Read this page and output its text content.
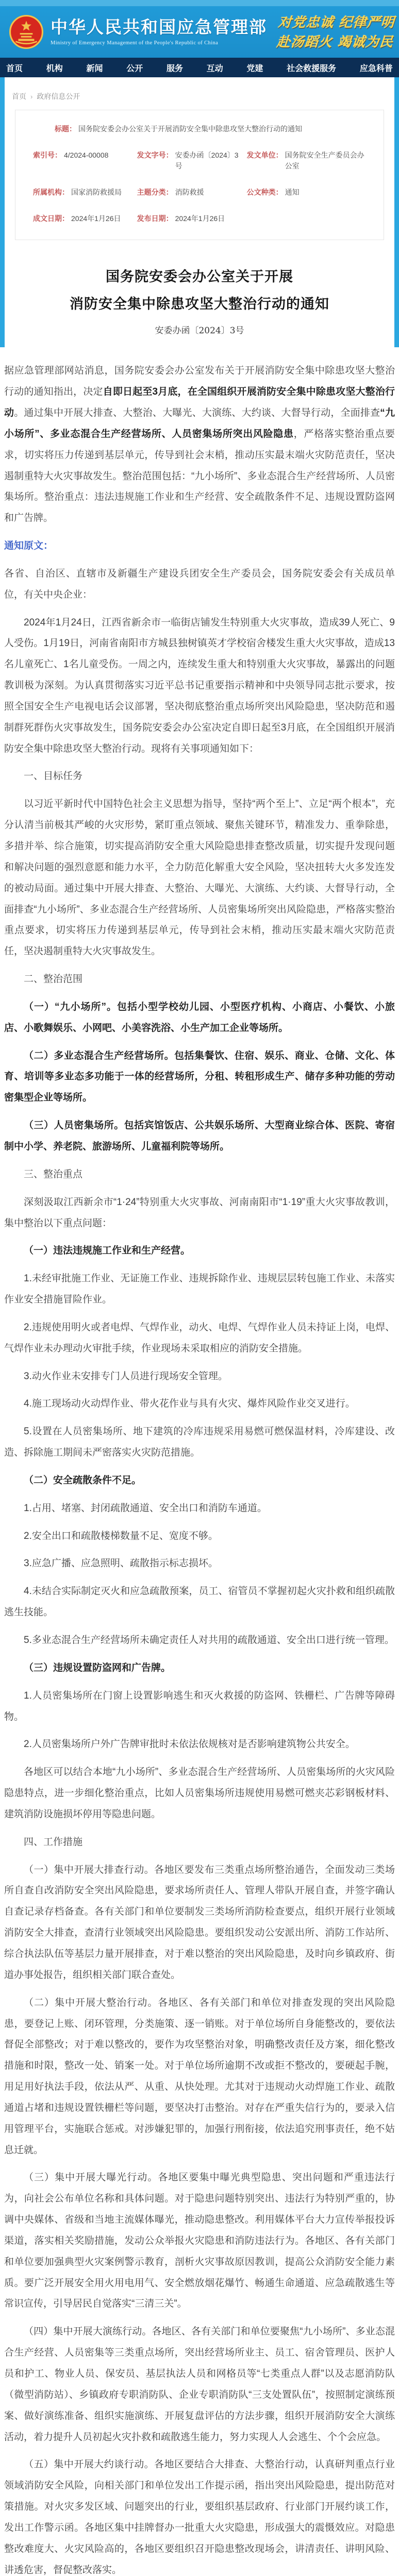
中华人民共和国应急管理部
Ministry of Emergency Management of the People's Republic of China
对党忠诚 纪律严明
赴汤蹈火 竭诚为民
首页	机构	新闻	公开	服务	互动	党建	社会救援服务	应急科普
首页 › 政府信息公开
标题： 国务院安委会办公室关于开展消防安全集中除患攻坚大整治行动的通知
索引号： 4/2024-00008	发文字号： 安委办函〔2024〕3号
发文单位： 国务院安全生产委员会办公室
所属机构： 国家消防救援局 主题分类： 消防救援	公文种类： 通知
成文日期： 2024年1月26日 发布日期： 2024年1月26日
国务院安委会办公室关于开展
消防安全集中除患攻坚大整治行动的通知
安委办函〔2024〕3号

据应急管理部网站消息，国务院安委会办公室发布关于开展消防安全集中除患攻坚大整治行动的通知指出，决定自即日起至3月底，在全国组织开展消防安全集中除患攻坚大整治行动。通过集中开展大排查、大整治、大曝光、大演练、大约谈、大督导行动，全面排查“九小场所”、多业态混合生产经营场所、人员密集场所突出风险隐患，严格落实整治重点要求，切实将压力传递到基层单元，传导到社会末梢，推动压实最末端火灾防范责任，坚决遏制重特大火灾事故发生。整治范围包括：“九小场所”、多业态混合生产经营场所、人员密集场所。整治重点：违法违规施工作业和生产经营、安全疏散条件不足、违规设置防盗网和广告牌。

通知原文：

各省、自治区、直辖市及新疆生产建设兵团安全生产委员会，国务院安委会有关成员单位，有关中央企业：

2024年1月24日，江西省新余市一临街店铺发生特别重大火灾事故，造成39人死亡、9人受伤。1月19日，河南省南阳市方城县独树镇英才学校宿舍楼发生重大火灾事故，造成13名儿童死亡、1名儿童受伤。一周之内，连续发生重大和特别重大火灾事故，暴露出的问题教训极为深刻。为认真贯彻落实习近平总书记重要指示精神和中央领导同志批示要求，按照全国安全生产电视电话会议部署，坚决彻底整治重点场所突出风险隐患，坚决防范和遏制群死群伤火灾事故发生，国务院安委会办公室决定自即日起至3月底，在全国组织开展消防安全集中除患攻坚大整治行动。现将有关事项通知如下：

一、目标任务

以习近平新时代中国特色社会主义思想为指导，坚持“两个至上”、立足“两个根本”，充分认清当前极其严峻的火灾形势，紧盯重点领域、聚焦关键环节，精准发力、重拳除患，多措并举、综合施策，切实提高消防安全重大风险隐患排查整改质量，切实提升发现问题和解决问题的强烈意愿和能力水平，全力防范化解重大安全风险，坚决扭转大火多发连发的被动局面。通过集中开展大排查、大整治、大曝光、大演练、大约谈、大督导行动，全面排查“九小场所”、多业态混合生产经营场所、人员密集场所突出风险隐患，严格落实整治重点要求，切实将压力传递到基层单元，传导到社会末梢，推动压实最末端火灾防范责任，坚决遏制重特大火灾事故发生。

二、整治范围

（一）“九小场所”。包括小型学校幼儿园、小型医疗机构、小商店、小餐饮、小旅店、小歌舞娱乐、小网吧、小美容洗浴、小生产加工企业等场所。

（二）多业态混合生产经营场所。包括集餐饮、住宿、娱乐、商业、仓储、文化、体育、培训等多业态多功能于一体的经营场所，分租、转租形成生产、储存多种功能的劳动密集型企业等场所。

（三）人员密集场所。包括宾馆饭店、公共娱乐场所、大型商业综合体、医院、寄宿制中小学、养老院、旅游场所、儿童福利院等场所。

三、整治重点

深刻汲取江西新余市“1·24”特别重大火灾事故、河南南阳市“1·19”重大火灾事故教训，集中整治以下重点问题：

（一）违法违规施工作业和生产经营。

1.未经审批施工作业、无证施工作业、违规拆除作业、违规层层转包施工作业、未落实作业安全措施冒险作业。

2.违规使用明火或者电焊、气焊作业，动火、电焊、气焊作业人员未持证上岗，电焊、气焊作业未办理动火审批手续，作业现场未采取相应的消防安全措施。

3.动火作业未安排专门人员进行现场安全管理。

4.施工现场动火动焊作业、带火花作业与具有火灾、爆炸风险作业交叉进行。

5.设置在人员密集场所、地下建筑的冷库违规采用易燃可燃保温材料，冷库建设、改造、拆除施工期间未严密落实火灾防范措施。

（二）安全疏散条件不足。

1.占用、堵塞、封闭疏散通道、安全出口和消防车通道。

2.安全出口和疏散楼梯数量不足、宽度不够。

3.应急广播、应急照明、疏散指示标志损坏。

4.未结合实际制定灭火和应急疏散预案，员工、宿管员不掌握初起火灾扑救和组织疏散逃生技能。

5.多业态混合生产经营场所未确定责任人对共用的疏散通道、安全出口进行统一管理。

（三）违规设置防盗网和广告牌。

1.人员密集场所在门窗上设置影响逃生和灭火救援的防盗网、铁栅栏、广告牌等障碍物。

2.人员密集场所户外广告牌审批时未依法依规核对是否影响建筑物公共安全。

各地区可以结合本地“九小场所”、多业态混合生产经营场所、人员密集场所的火灾风险隐患特点，进一步细化整治重点，比如人员密集场所违规使用易燃可燃夹芯彩钢板材料、建筑消防设施损坏停用等隐患问题。

四、工作措施

（一）集中开展大排查行动。各地区要发布三类重点场所整治通告，全面发动三类场所自查自改消防安全突出风险隐患，要求场所责任人、管理人带队开展自查，并签字确认自查记录存档备查。各有关部门和单位要制发三类场所消防检查要点，组织开展行业领域消防安全大排查，查清行业领域突出风险隐患。要组织发动公安派出所、消防工作站所、综合执法队伍等基层力量开展排查，对于难以整治的突出风险隐患，及时向乡镇政府、街道办事处报告，组织相关部门联合查处。

（二）集中开展大整治行动。各地区、各有关部门和单位对排查发现的突出风险隐患，要登记上账、闭环管理，分类施策、逐一销账。对于单位场所自身能整改的，要依法督促全部整改；对于难以整改的，要作为攻坚整治对象，明确整改责任及方案，细化整改措施和时限，整改一处、销案一处。对于单位场所逾期不改或拒不整改的，要硬起手腕，用足用好执法手段，依法从严、从重、从快处理。尤其对于违规动火动焊施工作业、疏散通道占堵和违规设置铁栅栏等问题，要坚决打击整治。对存在严重失信行为的，要录入信用管理平台，实施联合惩戒。对涉嫌犯罪的，加强行刑衔接，依法追究刑事责任，绝不姑息迁就。

（三）集中开展大曝光行动。各地区要集中曝光典型隐患、突出问题和严重违法行为，向社会公布单位名称和具体问题。对于隐患问题特别突出、违法行为特别严重的，协调中央媒体、省级和当地主流媒体曝光，推动隐患整改。利用媒体平台大力宣传举报投诉渠道，落实相关奖励措施，发动公众举报火灾隐患和消防违法行为。各地区、各有关部门和单位要加强典型火灾案例警示教育，剖析火灾事故原因教训，提高公众消防安全能力素质。要广泛开展安全用火用电用气、安全燃放烟花爆竹、畅通生命通道、应急疏散逃生等常识宣传，引导居民自觉落实“三清三关”。

（四）集中开展大演练行动。各地区、各有关部门和单位要聚焦“九小场所”、多业态混合生产经营、人员密集等三类重点场所，突出经营场所业主、员工、宿舍管理员、医护人员和护工、物业人员、保安员、基层执法人员和网格员等“七类重点人群”以及志愿消防队（微型消防站）、乡镇政府专职消防队、企业专职消防队“三支处置队伍”，按照制定演练预案、做好演练准备、组织实施演练、开展复盘评估的方法步骤，组织开展消防安全大演练活动，着力提升人员初起火灾扑救和疏散逃生能力，努力实现人人会逃生、个个会应急。

（五）集中开展大约谈行动。各地区要结合大排查、大整治行动，认真研判重点行业领域消防安全风险，向相关部门和单位发出工作提示函，指出突出风险隐患，提出防范对策措施。对火灾多发区域、问题突出的行业，要组织基层政府、行业部门开展约谈工作，发出工作警示函。各地区集中挂牌督办一批重大火灾隐患，形成强大的震慑效应。对隐患整改难度大、火灾风险高的，各地区要组织召开隐患整改现场会，讲清责任、讲明风险、讲透危害，督促整改落实。
